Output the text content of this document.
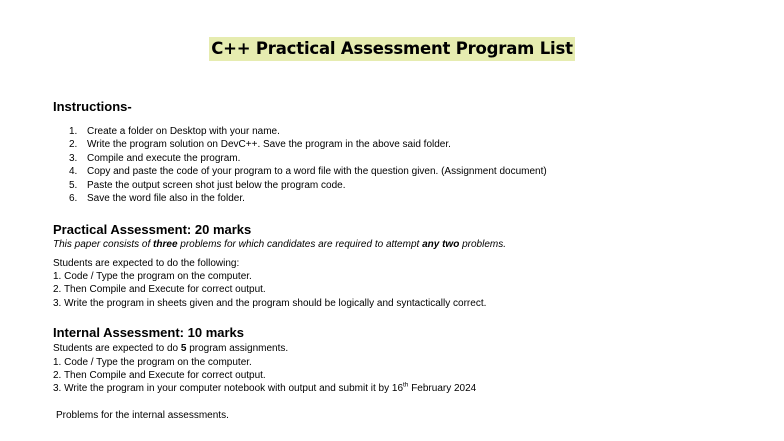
C++ Practical Assessment Program List
Instructions-
1. Create a folder on Desktop with your name.
2. Write the program solution on DevC++. Save the program in the above said folder.
3. Compile and execute the program.
4. Copy and paste the code of your program to a word file with the question given. (Assignment document)
5. Paste the output screen shot just below the program code.
6. Save the word file also in the folder.
Practical Assessment: 20 marks
This paper consists of three problems for which candidates are required to attempt any two problems.
Students are expected to do the following:
1. Code / Type the program on the computer.
2. Then Compile and Execute for correct output.
3. Write the program in sheets given and the program should be logically and syntactically correct.
Internal Assessment: 10 marks
Students are expected to do 5 program assignments.
1. Code / Type the program on the computer.
2. Then Compile and Execute for correct output.
3. Write the program in your computer notebook with output and submit it by 16th February 2024
Problems for the internal assessments.
